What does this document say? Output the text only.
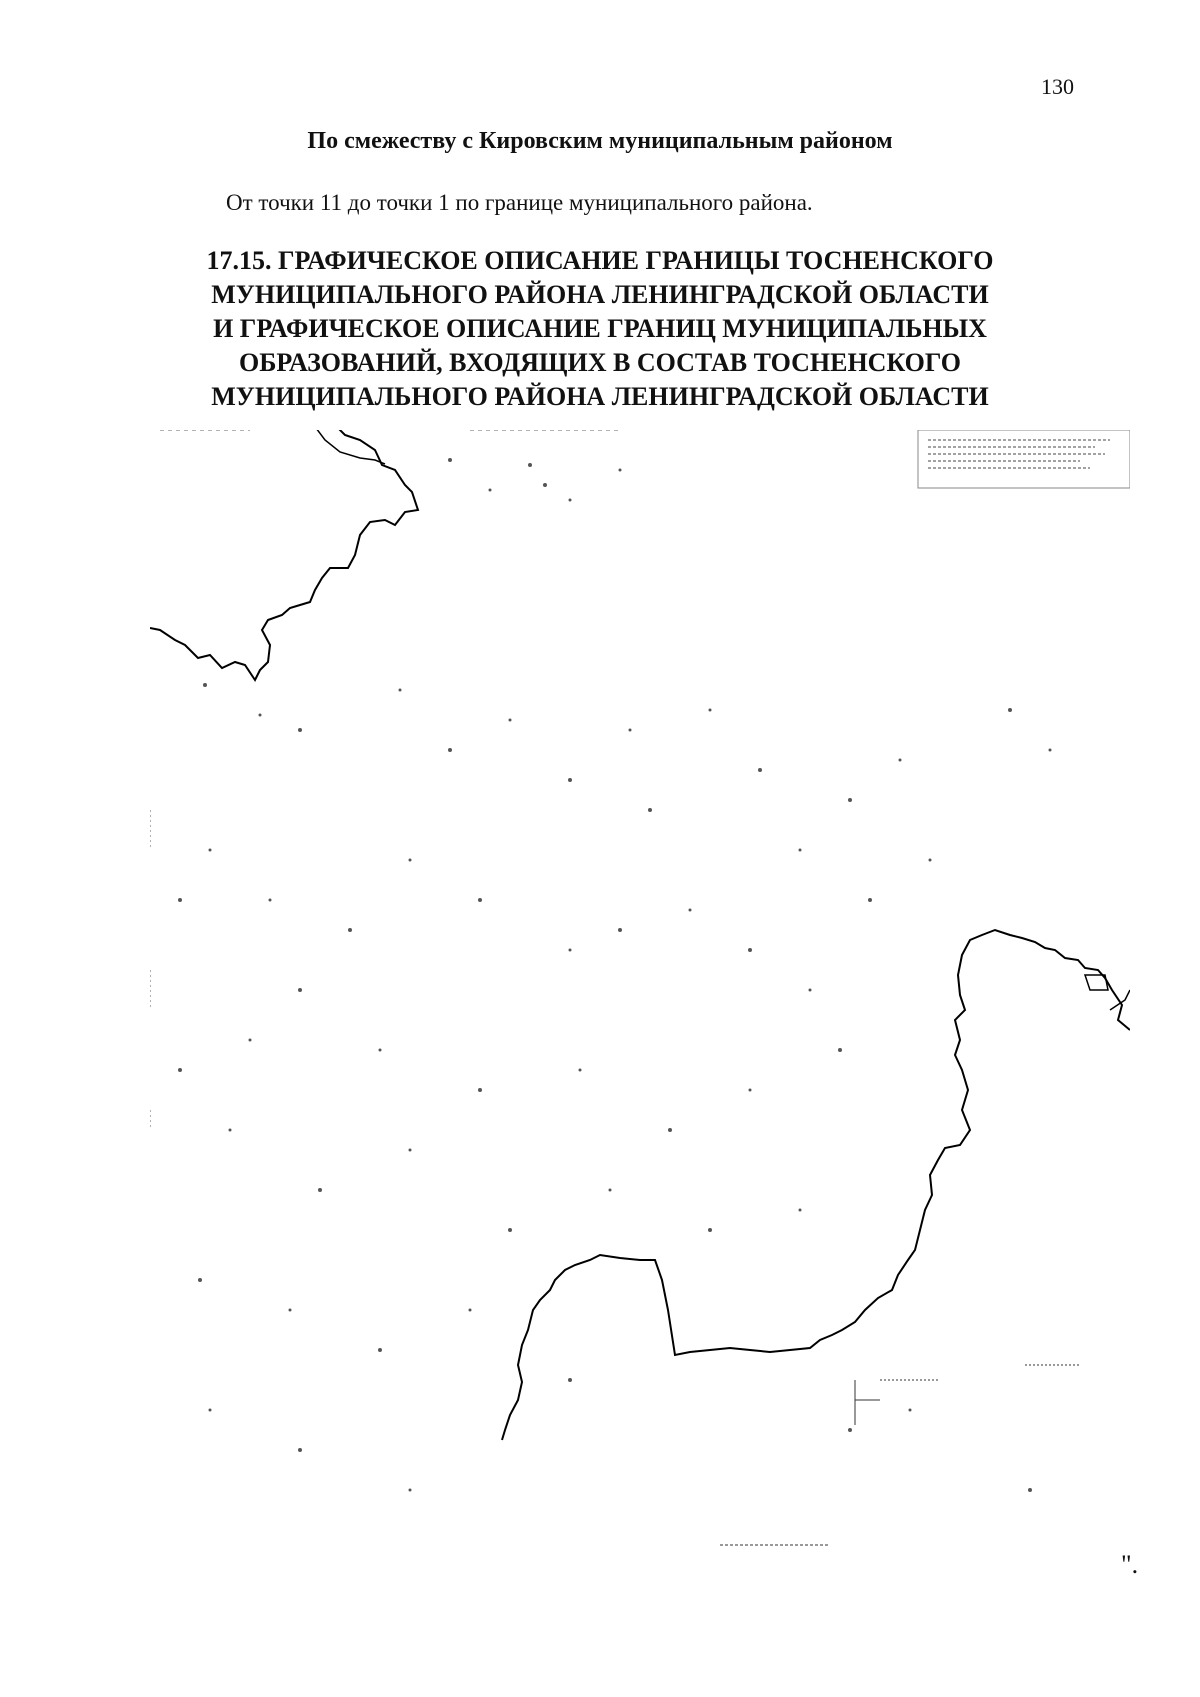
130
По смежеству с Кировским муниципальным районом
От точки 11 до точки 1 по границе муниципального района.
17.15. ГРАФИЧЕСКОЕ ОПИСАНИЕ ГРАНИЦЫ ТОСНЕНСКОГО
МУНИЦИПАЛЬНОГО РАЙОНА ЛЕНИНГРАДСКОЙ ОБЛАСТИ
И ГРАФИЧЕСКОЕ ОПИСАНИЕ ГРАНИЦ МУНИЦИПАЛЬНЫХ
ОБРАЗОВАНИЙ, ВХОДЯЩИХ В СОСТАВ ТОСНЕНСКОГО
МУНИЦИПАЛЬНОГО РАЙОНА ЛЕНИНГРАДСКОЙ ОБЛАСТИ
".
